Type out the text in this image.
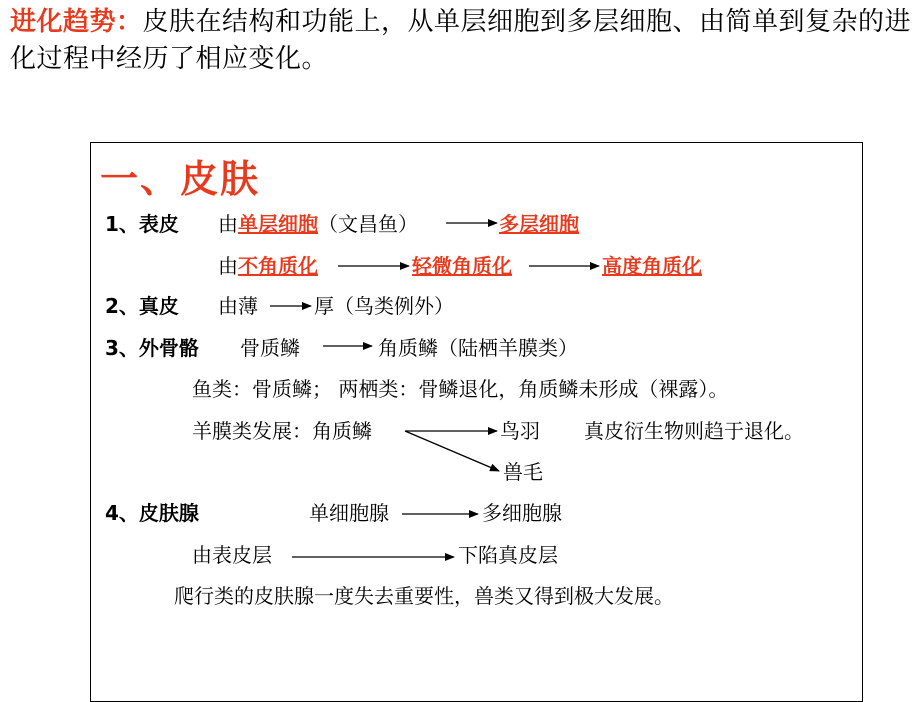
进化趋势：皮肤在结构和功能上，从单层细胞到多层细胞、由简单到复杂的进化过程中经历了相应变化。
一、皮肤
1、表皮 由单层细胞（文昌鱼）	多层细胞
由不角质化	轻微角质化	高度角质化
2、真皮 由薄	厚（鸟类例外）
3、外骨骼 骨质鳞	角质鳞（陆栖羊膜类）
鱼类：骨质鳞； 两栖类：骨鳞退化，角质鳞未形成（裸露）。
羊膜类发展：角质鳞	鸟羽 真皮衍生物则趋于退化。
兽毛
4、皮肤腺	单细胞腺	多细胞腺
由表皮层	下陷真皮层
爬行类的皮肤腺一度失去重要性，兽类又得到极大发展。
